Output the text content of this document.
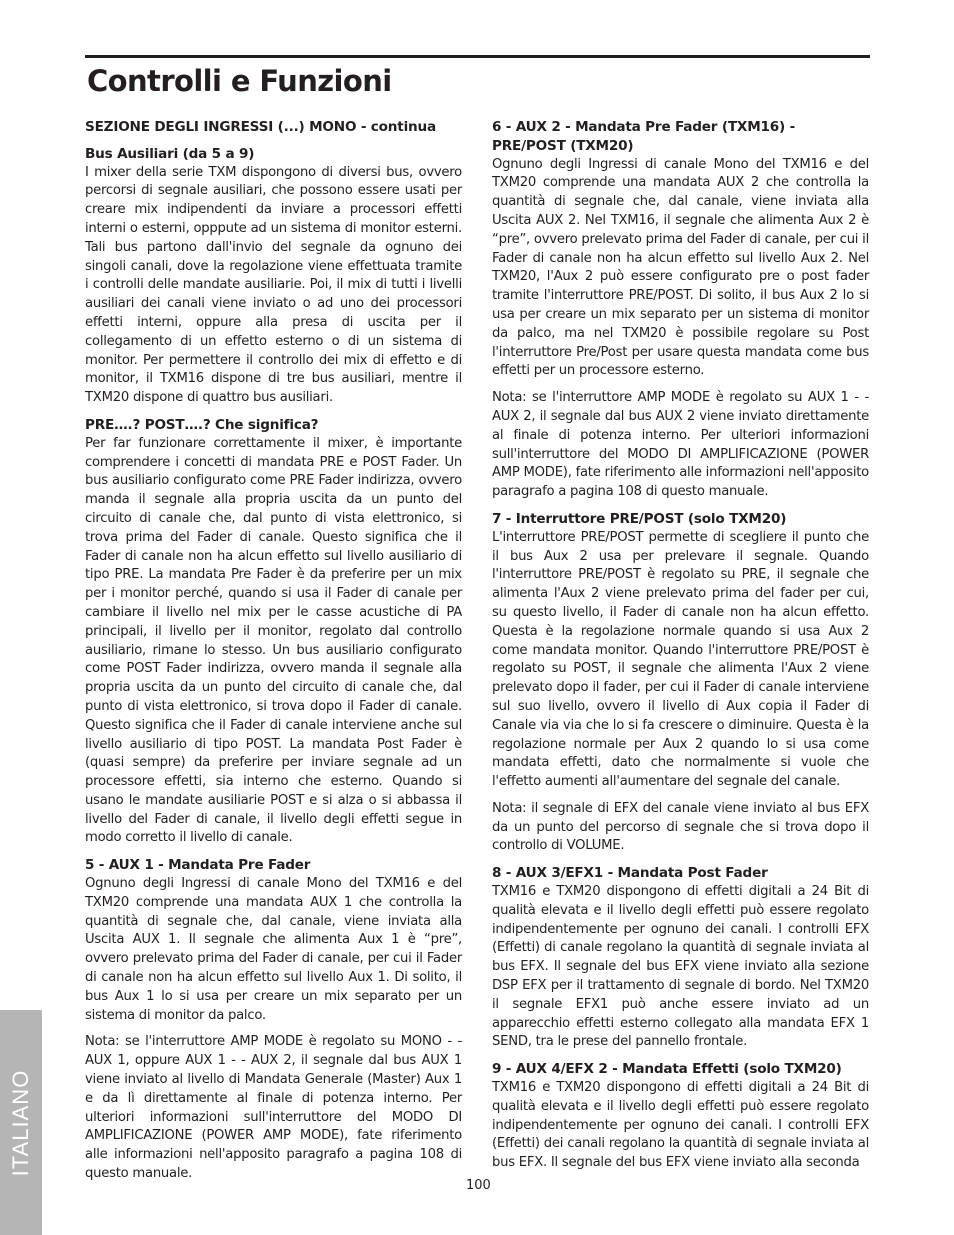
Controlli e Funzioni
SEZIONE DEGLI INGRESSI (...) MONO - continua
Bus Ausiliari (da 5 a 9)

I mixer della serie TXM dispongono di diversi bus, ovvero percorsi di segnale ausiliari, che possono essere usati per creare mix indipendenti da inviare a processori effetti interni o esterni, opppute ad un sistema di monitor esterni. Tali bus partono dall'invio del segnale da ognuno dei singoli canali, dove la regolazione viene effettuata tramite i controlli delle mandate ausiliarie. Poi, il mix di tutti i livelli ausiliari dei canali viene inviato o ad uno dei processori effetti interni, oppure alla presa di uscita per il collegamento di un effetto esterno o di un sistema di monitor. Per permettere il controllo dei mix di effetto e di monitor, il TXM16 dispone di tre bus ausiliari, mentre il TXM20 dispone di quattro bus ausiliari.

PRE….? POST….? Che significa?

Per far funzionare correttamente il mixer, è importante comprendere i concetti di mandata PRE e POST Fader. Un bus ausiliario configurato come PRE Fader indirizza, ovvero manda il segnale alla propria uscita da un punto del circuito di canale che, dal punto di vista elettronico, si trova prima del Fader di canale. Questo significa che il Fader di canale non ha alcun effetto sul livello ausiliario di tipo PRE. La mandata Pre Fader è da preferire per un mix per i monitor perché, quando si usa il Fader di canale per cambiare il livello nel mix per le casse acustiche di PA principali, il livello per il monitor, regolato dal controllo ausiliario, rimane lo stesso. Un bus ausiliario configurato come POST Fader indirizza, ovvero manda il segnale alla propria uscita da un punto del circuito di canale che, dal punto di vista elettronico, si trova dopo il Fader di canale. Questo significa che il Fader di canale interviene anche sul livello ausiliario di tipo POST. La mandata Post Fader è (quasi sempre) da preferire per inviare segnale ad un processore effetti, sia interno che esterno. Quando si usano le mandate ausiliarie POST e si alza o si abbassa il livello del Fader di canale, il livello degli effetti segue in modo corretto il livello di canale.

5 - AUX 1 - Mandata Pre Fader

Ognuno degli Ingressi di canale Mono del TXM16 e del TXM20 comprende una mandata AUX 1 che controlla la quantità di segnale che, dal canale, viene inviata alla Uscita AUX 1. Il segnale che alimenta Aux 1 è “pre”, ovvero prelevato prima del Fader di canale, per cui il Fader di canale non ha alcun effetto sul livello Aux 1. Di solito, il bus Aux 1 lo si usa per creare un mix separato per un sistema di monitor da palco.

Nota: se l'interruttore AMP MODE è regolato su MONO - - AUX 1, oppure AUX 1 - - AUX 2, il segnale dal bus AUX 1 viene inviato al livello di Mandata Generale (Master) Aux 1 e da lì direttamente al finale di potenza interno. Per ulteriori informazioni sull'interruttore del MODO DI AMPLIFICAZIONE (POWER AMP MODE), fate riferimento alle informazioni nell'apposito paragrafo a pagina 108 di questo manuale.

6 - AUX 2 - Mandata Pre Fader (TXM16) - PRE/POST (TXM20)

Ognuno degli Ingressi di canale Mono del TXM16 e del TXM20 comprende una mandata AUX 2 che controlla la quantità di segnale che, dal canale, viene inviata alla Uscita AUX 2. Nel TXM16, il segnale che alimenta Aux 2 è “pre”, ovvero prelevato prima del Fader di canale, per cui il Fader di canale non ha alcun effetto sul livello Aux 2. Nel TXM20, l'Aux 2 può essere configurato pre o post fader tramite l'interruttore PRE/POST. Di solito, il bus Aux 2 lo si usa per creare un mix separato per un sistema di monitor da palco, ma nel TXM20 è possibile regolare su Post l'interruttore Pre/Post per usare questa mandata come bus effetti per un processore esterno.

Nota: se l'interruttore AMP MODE è regolato su AUX 1 - - AUX 2, il segnale dal bus AUX 2 viene inviato direttamente al finale di potenza interno. Per ulteriori informazioni sull'interruttore del MODO DI AMPLIFICAZIONE (POWER AMP MODE), fate riferimento alle informazioni nell'apposito paragrafo a pagina 108 di questo manuale.

7 - Interruttore PRE/POST (solo TXM20)

L'interruttore PRE/POST permette di scegliere il punto che il bus Aux 2 usa per prelevare il segnale. Quando l'interruttore PRE/POST è regolato su PRE, il segnale che alimenta l'Aux 2 viene prelevato prima del fader per cui, su questo livello, il Fader di canale non ha alcun effetto. Questa è la regolazione normale quando si usa Aux 2 come mandata monitor. Quando l'interruttore PRE/POST è regolato su POST, il segnale che alimenta l'Aux 2 viene prelevato dopo il fader, per cui il Fader di canale interviene sul suo livello, ovvero il livello di Aux copia il Fader di Canale via via che lo si fa crescere o diminuire. Questa è la regolazione normale per Aux 2 quando lo si usa come mandata effetti, dato che normalmente si vuole che l'effetto aumenti all'aumentare del segnale del canale.

Nota: il segnale di EFX del canale viene inviato al bus EFX da un punto del percorso di segnale che si trova dopo il controllo di VOLUME.

8 - AUX 3/EFX1 - Mandata Post Fader

TXM16 e TXM20 dispongono di effetti digitali a 24 Bit di qualità elevata e il livello degli effetti può essere regolato indipendentemente per ognuno dei canali. I controlli EFX (Effetti) di canale regolano la quantità di segnale inviata al bus EFX. Il segnale del bus EFX viene inviato alla sezione DSP EFX per il trattamento di segnale di bordo. Nel TXM20 il segnale EFX1 può anche essere inviato ad un apparecchio effetti esterno collegato alla mandata EFX 1 SEND, tra le prese del pannello frontale.

9 - AUX 4/EFX 2 - Mandata Effetti (solo TXM20)

TXM16 e TXM20 dispongono di effetti digitali a 24 Bit di qualità elevata e il livello degli effetti può essere regolato indipendentemente per ognuno dei canali. I controlli EFX (Effetti) dei canali regolano la quantità di segnale inviata al bus EFX. Il segnale del bus EFX viene inviato alla seconda

ITALIANO
100
